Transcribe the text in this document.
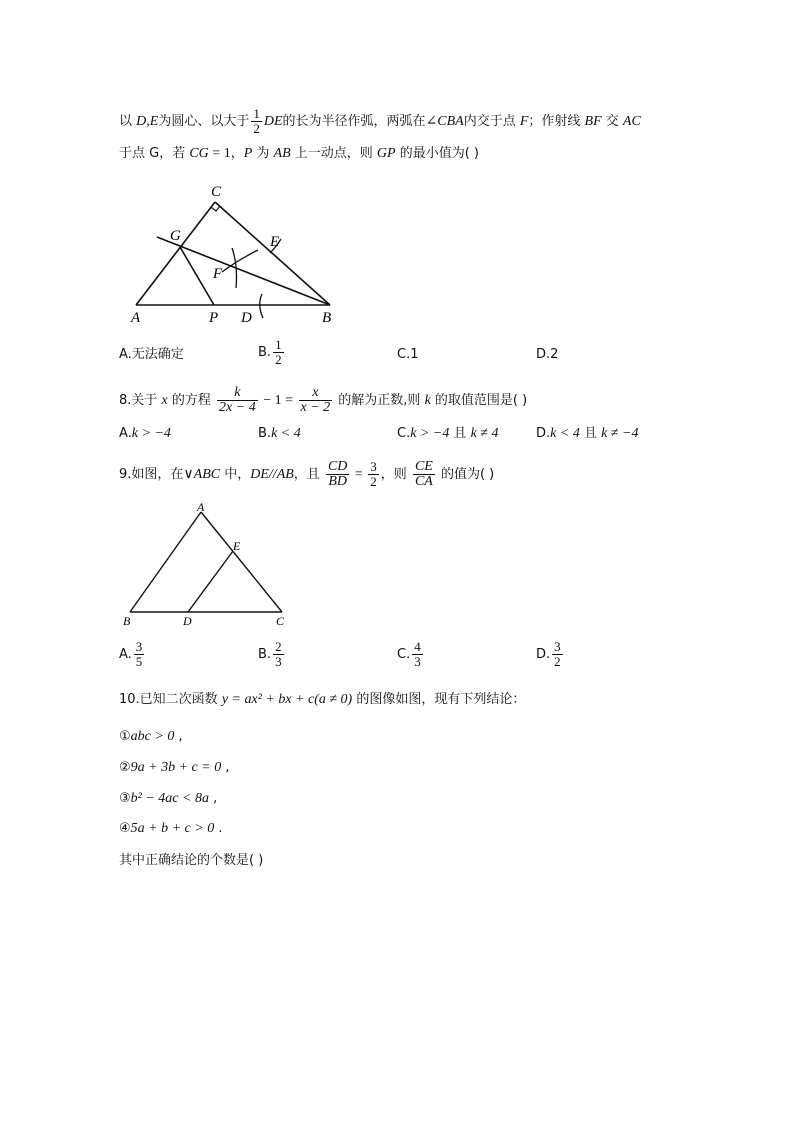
以 D,E为圆心、以大于 $\frac{1}{2}$ DE的长为半径作弧，两弧在∠CBA内交于点 F；作射线 BF 交 AC
于点 G，若 CG = 1，P 为 AB 上一动点，则 GP 的最小值为( )
C
G	E
F
A	P D	B
A.无法确定	B. $\frac{1}{2}$	C.1	D.2
8.关于 x 的方程 $\frac{k}{2x - 4} - 1 = \frac{x}{x - 2}$ 的解为正数,则 k 的取值范围是( )
A.k > −4	B.k < 4	C.k > −4 且 k ≠ 4	D.k < 4 且 k ≠ −4
9.如图，在∨ABC 中，DE//AB，且 $\frac{CD}{BD} = \frac{3}{2}$ ，则 $\frac{CE}{CA}$ 的值为( )
A
E
B	D	C
A. $\frac{3}{5}$	B. $\frac{2}{3}$	C. $\frac{4}{3}$	D. $\frac{3}{2}$
10.已知二次函数 y = ax² + bx + c(a ≠ 0) 的图像如图，现有下列结论：
①abc > 0 ,
②9a + 3b + c = 0 ,
③b² − 4ac < 8a ,
④5a + b + c > 0 .
其中正确结论的个数是( )
